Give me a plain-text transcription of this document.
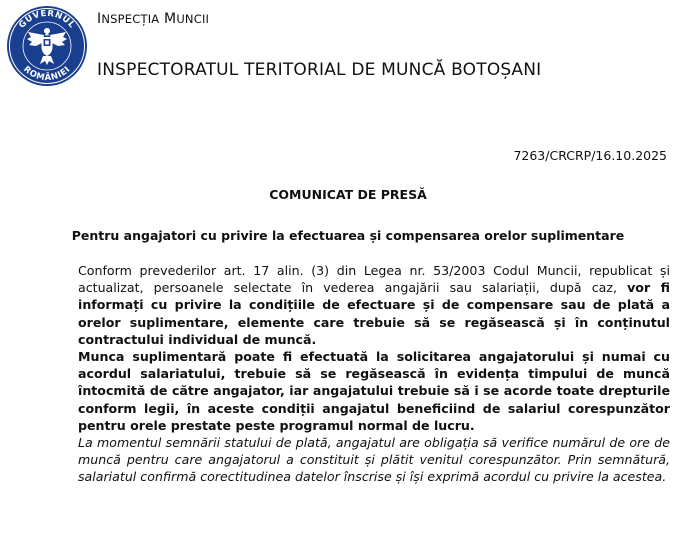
GUVERNUL
ROMÂNIEI
INSPECȚIA MUNCII
INSPECTORATUL TERITORIAL DE MUNCĂ BOTOȘANI
7263/CRCRP/16.10.2025
COMUNICAT DE PRESĂ
Pentru angajatori cu privire la efectuarea și compensarea orelor suplimentare

Conform prevederilor art. 17 alin. (3) din Legea nr. 53/2003 Codul Muncii, republicat și actualizat, persoanele selectate în vederea angajării sau salariații, după caz, vor fi informați cu privire la condițiile de efectuare și de compensare sau de plată a orelor suplimentare, elemente care trebuie să se regăsească și în conținutul contractului individual de muncă.

Munca suplimentară poate fi efectuată la solicitarea angajatorului și numai cu acordul salariatului, trebuie să se regăsească în evidența timpului de muncă întocmită de către angajator, iar angajatului trebuie să i se acorde toate drepturile conform legii, în aceste condiții angajatul beneficiind de salariul corespunzător pentru orele prestate peste programul normal de lucru.

La momentul semnării statului de plată, angajatul are obligația să verifice numărul de ore de muncă pentru care angajatorul a constituit și plătit venitul corespunzător. Prin semnătură, salariatul confirmă corectitudinea datelor înscrise și își exprimă acordul cu privire la acestea.
